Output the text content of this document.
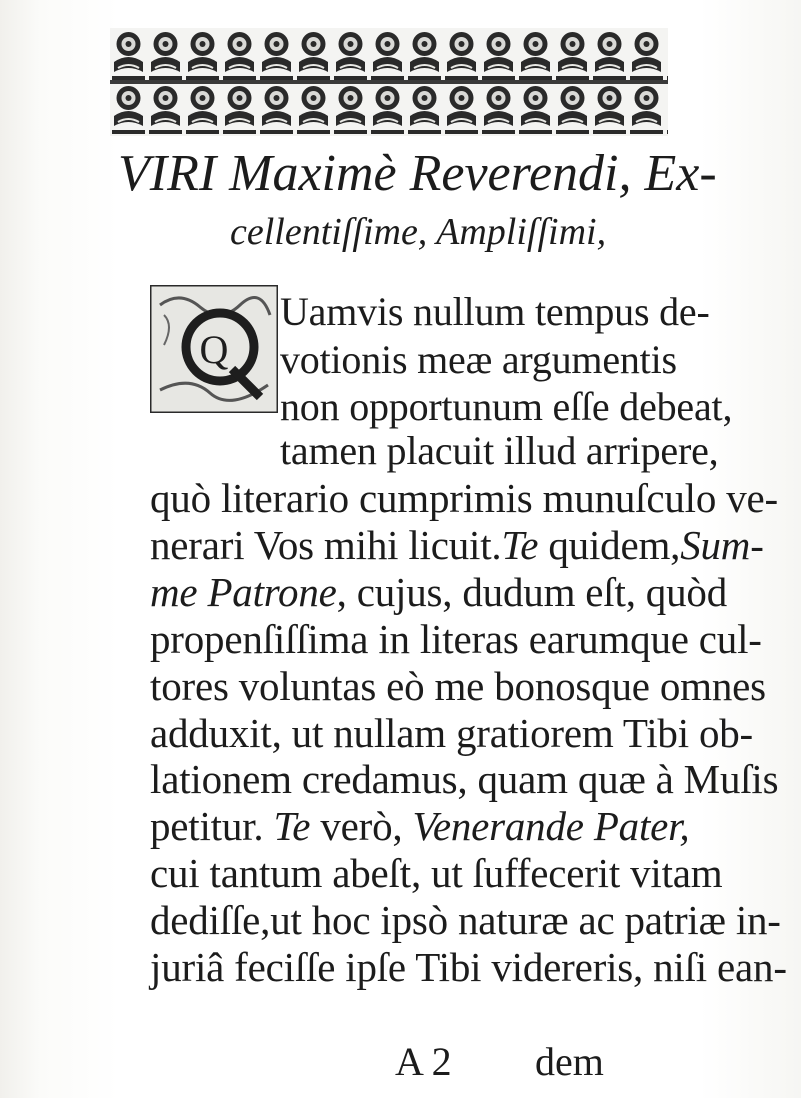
VIRI Maximè Reverendi, Ex-
cellentiſſime, Ampliſſimi,
Q
Uamvis nullum tempus de-
votionis meæ argumentis
non opportunum eſſe debeat,
tamen placuit illud arripere,
quò literario cumprimis munuſculo ve-
nerari Vos mihi licuit.Te quidem,Sum-
me Patrone, cujus, dudum eſt, quòd
propenſiſſima in literas earumque cul-
tores voluntas eò me bonosque omnes
adduxit, ut nullam gratiorem Tibi ob-
lationem credamus, quam quæ à Muſis
petitur. Te verò, Venerande Pater,
cui tantum abeſt, ut ſuffecerit vitam
dediſſe,ut hoc ipsò naturæ ac patriæ in-
juriâ feciſſe ipſe Tibi videreris, niſi ean-
A 2 dem
